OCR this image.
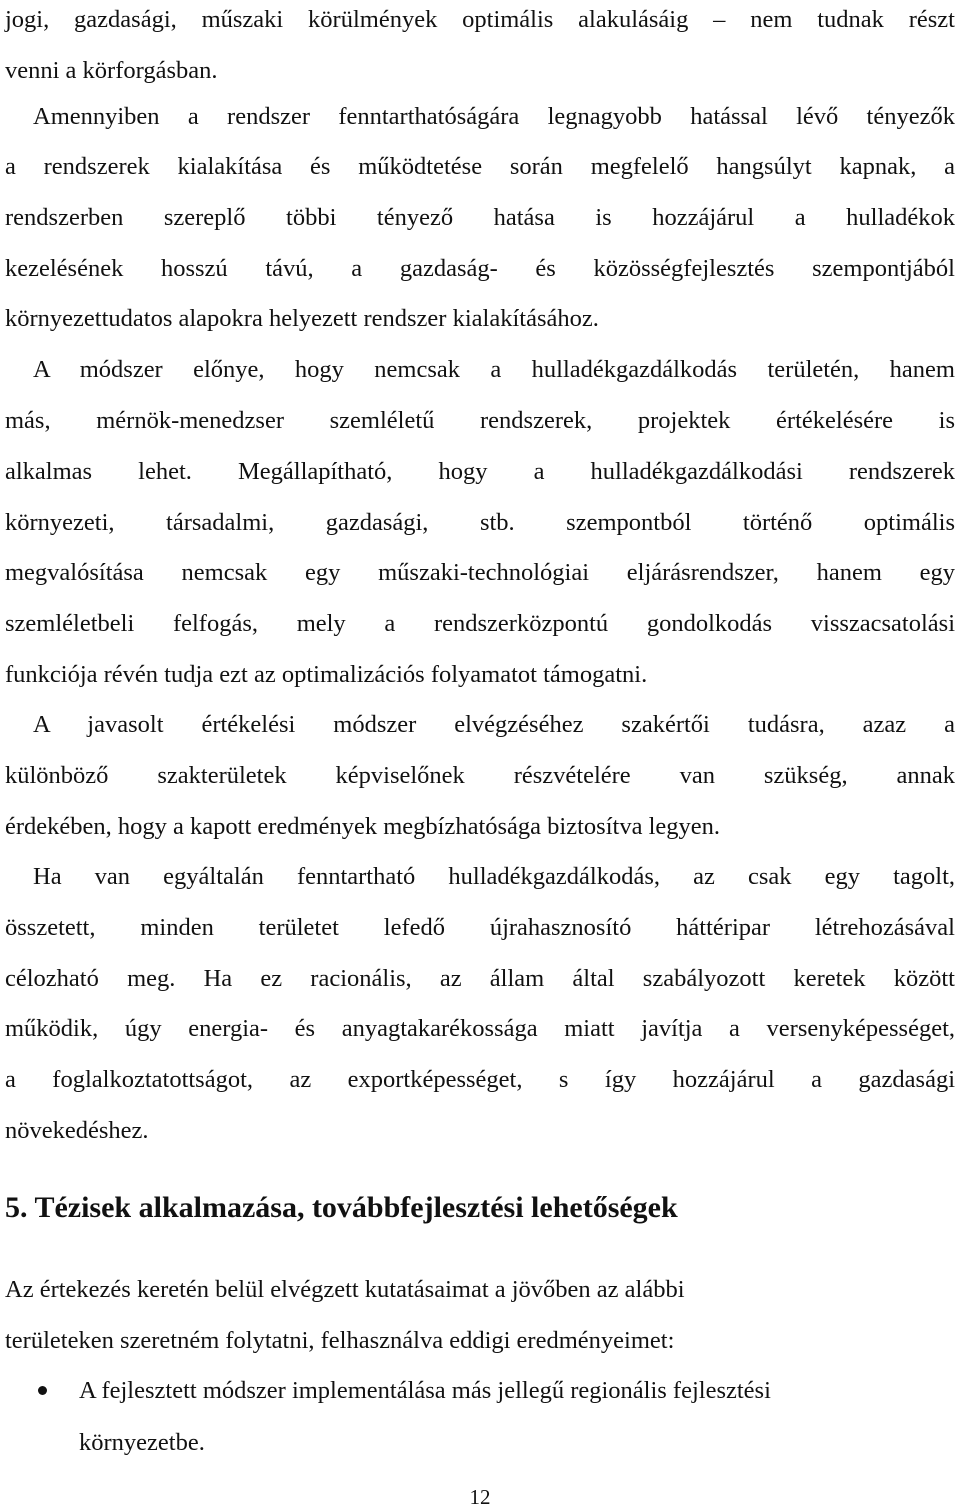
jogi, gazdasági, műszaki körülmények optimális alakulásáig – nem tudnak részt
venni a körforgásban.
Amennyiben a rendszer fenntarthatóságára legnagyobb hatással lévő tényezők
a rendszerek kialakítása és működtetése során megfelelő hangsúlyt kapnak, a
rendszerben szereplő többi tényező hatása is hozzájárul a hulladékok
kezelésének hosszú távú, a gazdaság- és közösségfejlesztés szempontjából
környezettudatos alapokra helyezett rendszer kialakításához.
A módszer előnye, hogy nemcsak a hulladékgazdálkodás területén, hanem
más, mérnök-menedzser szemléletű rendszerek, projektek értékelésére is
alkalmas lehet. Megállapítható, hogy a hulladékgazdálkodási rendszerek
környezeti, társadalmi, gazdasági, stb. szempontból történő optimális
megvalósítása nemcsak egy műszaki-technológiai eljárásrendszer, hanem egy
szemléletbeli felfogás, mely a rendszerközpontú gondolkodás visszacsatolási
funkciója révén tudja ezt az optimalizációs folyamatot támogatni.
A javasolt értékelési módszer elvégzéséhez szakértői tudásra, azaz a
különböző szakterületek képviselőnek részvételére van szükség, annak
érdekében, hogy a kapott eredmények megbízhatósága biztosítva legyen.
Ha van egyáltalán fenntartható hulladékgazdálkodás, az csak egy tagolt,
összetett, minden területet lefedő újrahasznosító háttéripar létrehozásával
célozható meg. Ha ez racionális, az állam által szabályozott keretek között
működik, úgy energia- és anyagtakarékossága miatt javítja a versenyképességet,
a foglalkoztatottságot, az exportképességet, s így hozzájárul a gazdasági
növekedéshez.
5. Tézisek alkalmazása, továbbfejlesztési lehetőségek
Az értekezés keretén belül elvégzett kutatásaimat a jövőben az alábbi
területeken szeretném folytatni, felhasználva eddigi eredményeimet:
A fejlesztett módszer implementálása más jellegű regionális fejlesztési
környezetbe.
12
